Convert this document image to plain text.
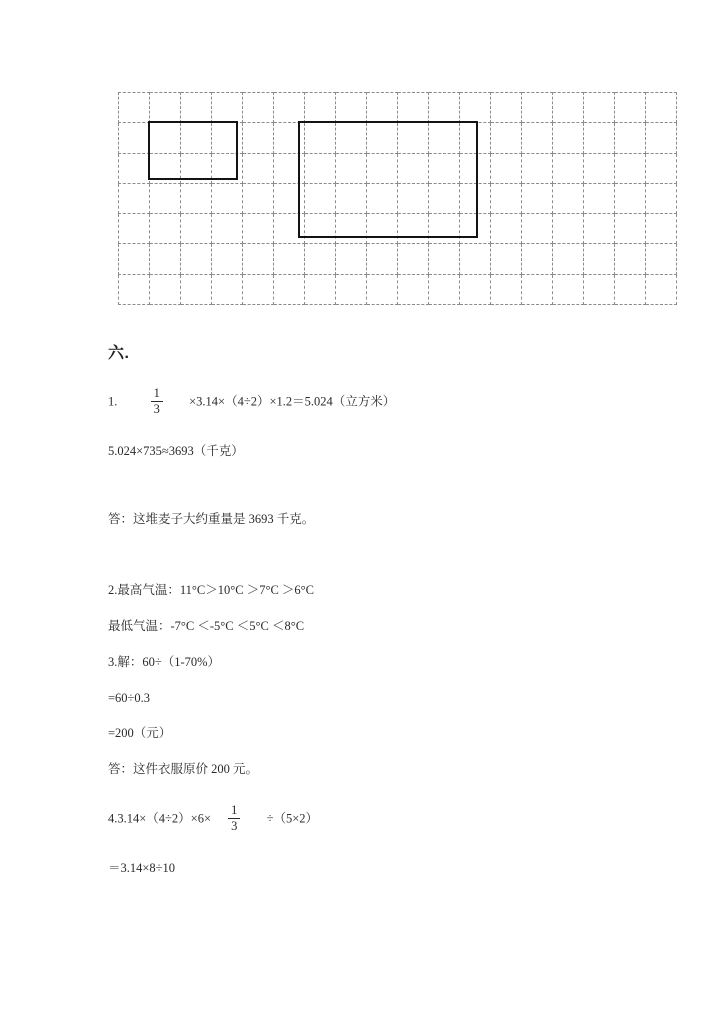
六.
1.	$\frac{1}{3} \times 3.14\times(4\div 2)\times 1.2=5.024$（立方米）
5.024×735≈3693（千克）
答：这堆麦子大约重量是 3693 千克。
2.最高气温：11°C＞10°C ＞7°C ＞6°C
最低气温：-7°C ＜-5°C ＜5°C ＜8°C
3.解：60÷（1-70%）
=60÷0.3
=200（元）
答：这件衣服原价 200 元。
$4.3.14\times(4\div 2)\times 6\times \frac{1}{3} \div(5\times 2)$
＝3.14×8÷10
